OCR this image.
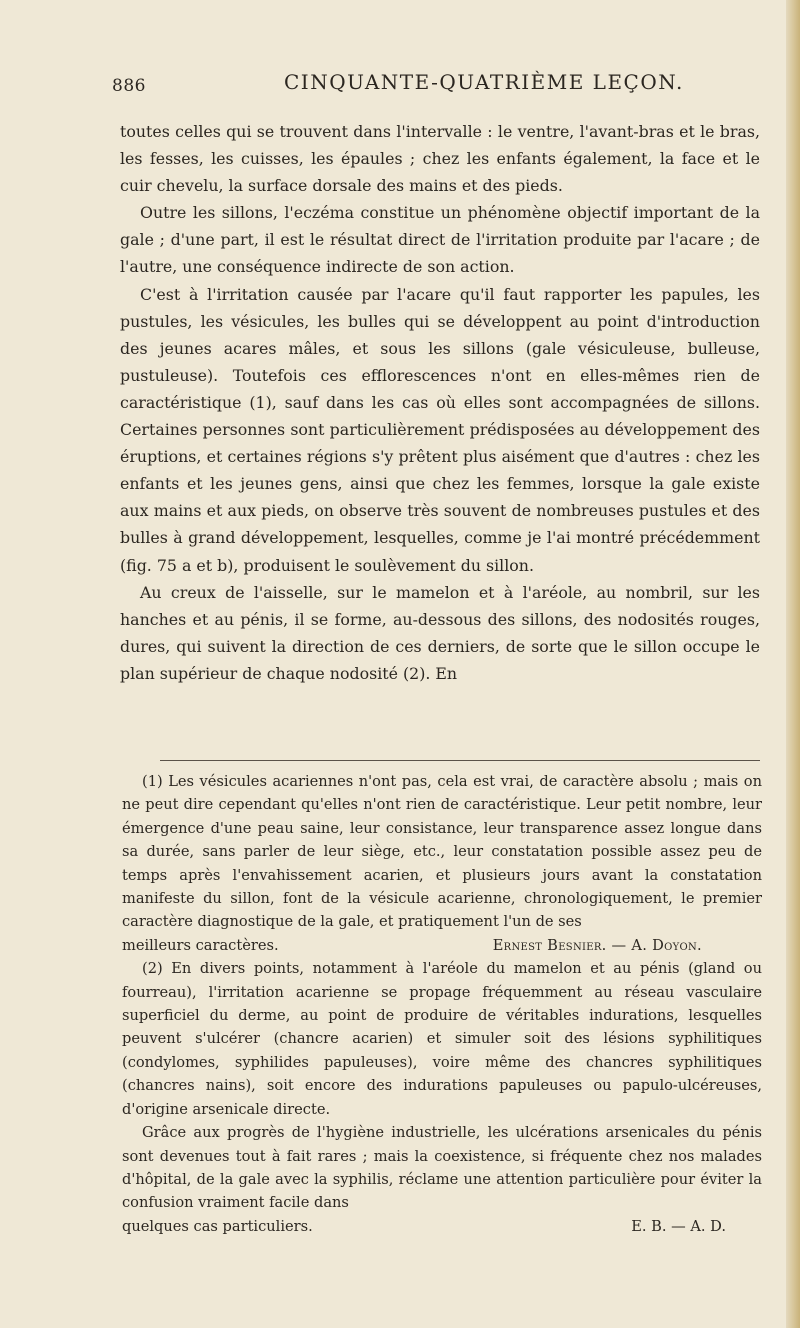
886	CINQUANTE-QUATRIÈME LEÇON.

toutes celles qui se trouvent dans l'intervalle : le ventre, l'avant-bras et le bras, les fesses, les cuisses, les épaules ; chez les enfants également, la face et le cuir chevelu, la surface dorsale des mains et des pieds.

Outre les sillons, l'eczéma constitue un phénomène objectif important de la gale ; d'une part, il est le résultat direct de l'irritation produite par l'acare ; de l'autre, une conséquence indirecte de son action.

C'est à l'irritation causée par l'acare qu'il faut rapporter les papules, les pustules, les vésicules, les bulles qui se développent au point d'introduction des jeunes acares mâles, et sous les sillons (gale vésiculeuse, bulleuse, pustuleuse). Toutefois ces efflorescences n'ont en elles-mêmes rien de caractéristique (1), sauf dans les cas où elles sont accompagnées de sillons. Certaines personnes sont particulièrement prédisposées au développement des éruptions, et certaines régions s'y prêtent plus aisément que d'autres : chez les enfants et les jeunes gens, ainsi que chez les femmes, lorsque la gale existe aux mains et aux pieds, on observe très souvent de nombreuses pustules et des bulles à grand développement, lesquelles, comme je l'ai montré précédemment (fig. 75 a et b), produisent le soulèvement du sillon.

Au creux de l'aisselle, sur le mamelon et à l'aréole, au nombril, sur les hanches et au pénis, il se forme, au-dessous des sillons, des nodosités rouges, dures, qui suivent la direction de ces derniers, de sorte que le sillon occupe le plan supérieur de chaque nodosité (2). En

(1) Les vésicules acariennes n'ont pas, cela est vrai, de caractère absolu ; mais on ne peut dire cependant qu'elles n'ont rien de caractéristique. Leur petit nombre, leur émergence d'une peau saine, leur consistance, leur transparence assez longue dans sa durée, sans parler de leur siège, etc., leur constatation possible assez peu de temps après l'envahissement acarien, et plusieurs jours avant la constatation manifeste du sillon, font de la vésicule acarienne, chronologiquement, le premier caractère diagnostique de la gale, et pratiquement l'un de ses

meilleurs caractères.	Ernest Besnier. — A. Doyon.

(2) En divers points, notamment à l'aréole du mamelon et au pénis (gland ou fourreau), l'irritation acarienne se propage fréquemment au réseau vasculaire superficiel du derme, au point de produire de véritables indurations, lesquelles peuvent s'ulcérer (chancre acarien) et simuler soit des lésions syphilitiques (condylomes, syphilides papuleuses), voire même des chancres syphilitiques (chancres nains), soit encore des indurations papuleuses ou papulo-ulcéreuses, d'origine arsenicale directe.

Grâce aux progrès de l'hygiène industrielle, les ulcérations arsenicales du pénis sont devenues tout à fait rares ; mais la coexistence, si fréquente chez nos malades d'hôpital, de la gale avec la syphilis, réclame une attention particulière pour éviter la confusion vraiment facile dans

quelques cas particuliers.	E. B. — A. D.
